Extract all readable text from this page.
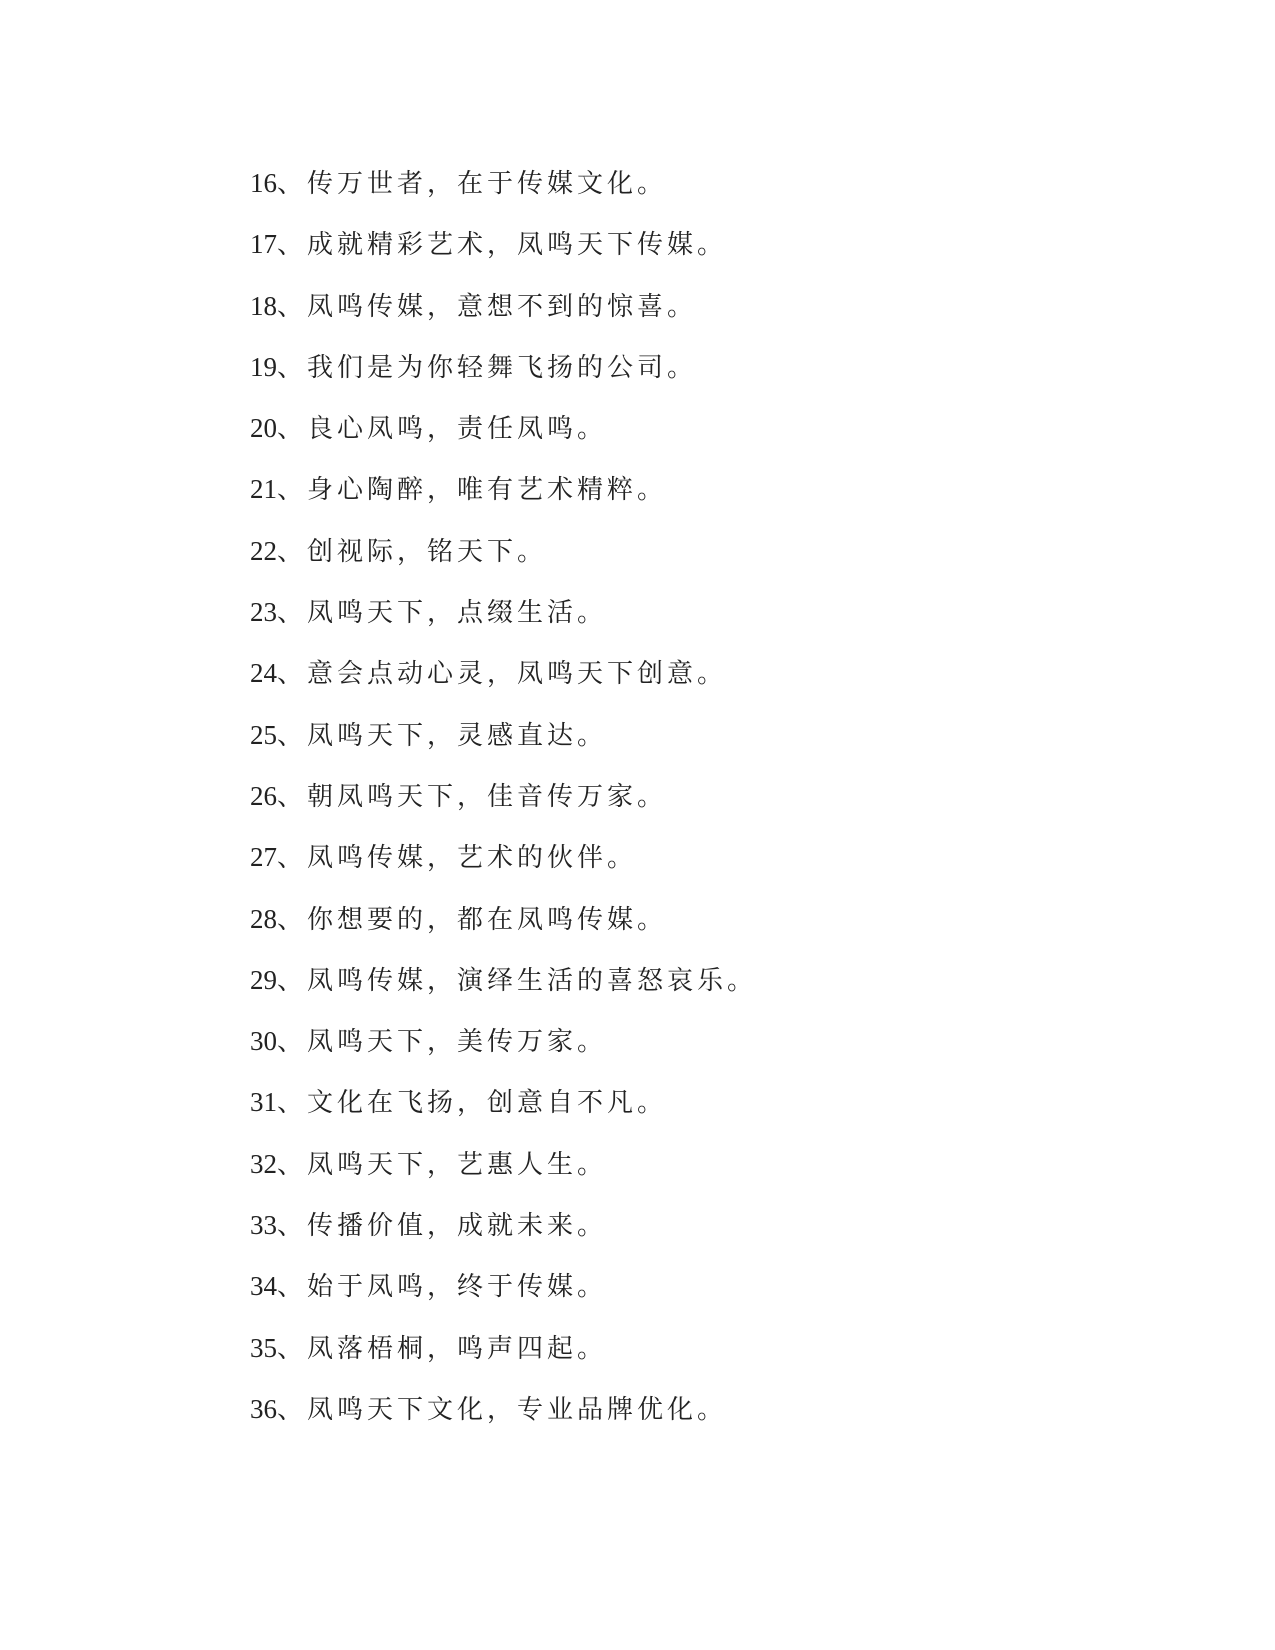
16、传万世者，在于传媒文化。
17、成就精彩艺术，凤鸣天下传媒。
18、凤鸣传媒，意想不到的惊喜。
19、我们是为你轻舞飞扬的公司。
20、良心凤鸣，责任凤鸣。
21、身心陶醉，唯有艺术精粹。
22、创视际，铭天下。
23、凤鸣天下，点缀生活。
24、意会点动心灵，凤鸣天下创意。
25、凤鸣天下，灵感直达。
26、朝凤鸣天下，佳音传万家。
27、凤鸣传媒，艺术的伙伴。
28、你想要的，都在凤鸣传媒。
29、凤鸣传媒，演绎生活的喜怒哀乐。
30、凤鸣天下，美传万家。
31、文化在飞扬，创意自不凡。
32、凤鸣天下，艺惠人生。
33、传播价值，成就未来。
34、始于凤鸣，终于传媒。
35、凤落梧桐，鸣声四起。
36、凤鸣天下文化，专业品牌优化。
